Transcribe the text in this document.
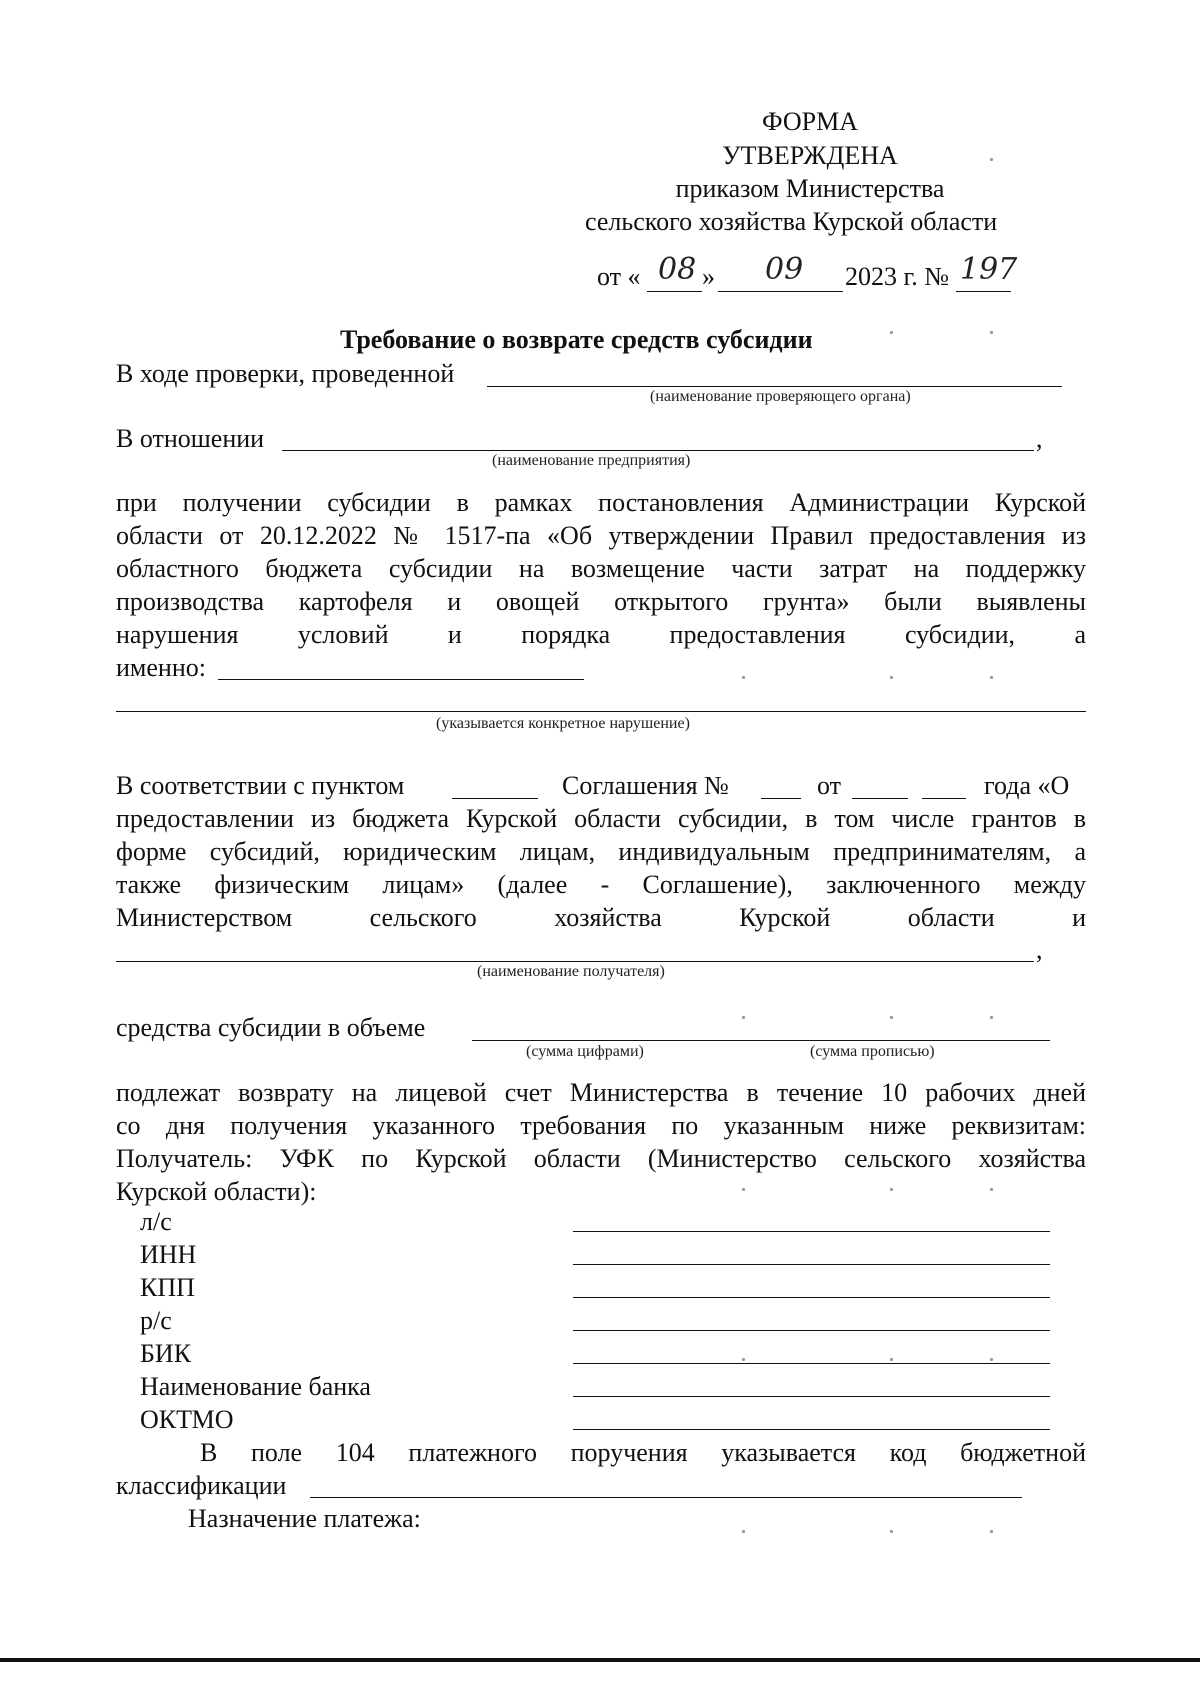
ФОРМА
УТВЕРЖДЕНА
приказом Министерства
сельского хозяйства Курской области
от « 08 » 09 2023 г. № 197
Требование о возврате средств субсидии
В ходе проверки, проведенной
(наименование проверяющего органа)
В отношении	,
(наименование предприятия)
при получении субсидии в рамках постановления Администрации Курской
области от 20.12.2022 № 1517-па «Об утверждении Правил предоставления из
областного бюджета субсидии на возмещение части затрат на поддержку
производства картофеля и овощей открытого грунта» были выявлены
нарушения условий и порядка предоставления субсидии, а
именно:
(указывается конкретное нарушение)
В соответствии с пунктом	Соглашения №	от	года «О
предоставлении из бюджета Курской области субсидии, в том числе грантов в
форме субсидий, юридическим лицам, индивидуальным предпринимателям, а
также физическим лицам» (далее - Соглашение), заключенного между
Министерством сельского хозяйства Курской области и
,
(наименование получателя)
средства субсидии в объеме
(сумма цифрами)	(сумма прописью)
подлежат возврату на лицевой счет Министерства в течение 10 рабочих дней
со дня получения указанного требования по указанным ниже реквизитам:
Получатель: УФК по Курской области (Министерство сельского хозяйства
Курской области):
л/с
ИНН
КПП
р/с
БИК
Наименование банка
ОКТМО
В поле 104 платежного поручения указывается код бюджетной
классификации
Назначение платежа:
